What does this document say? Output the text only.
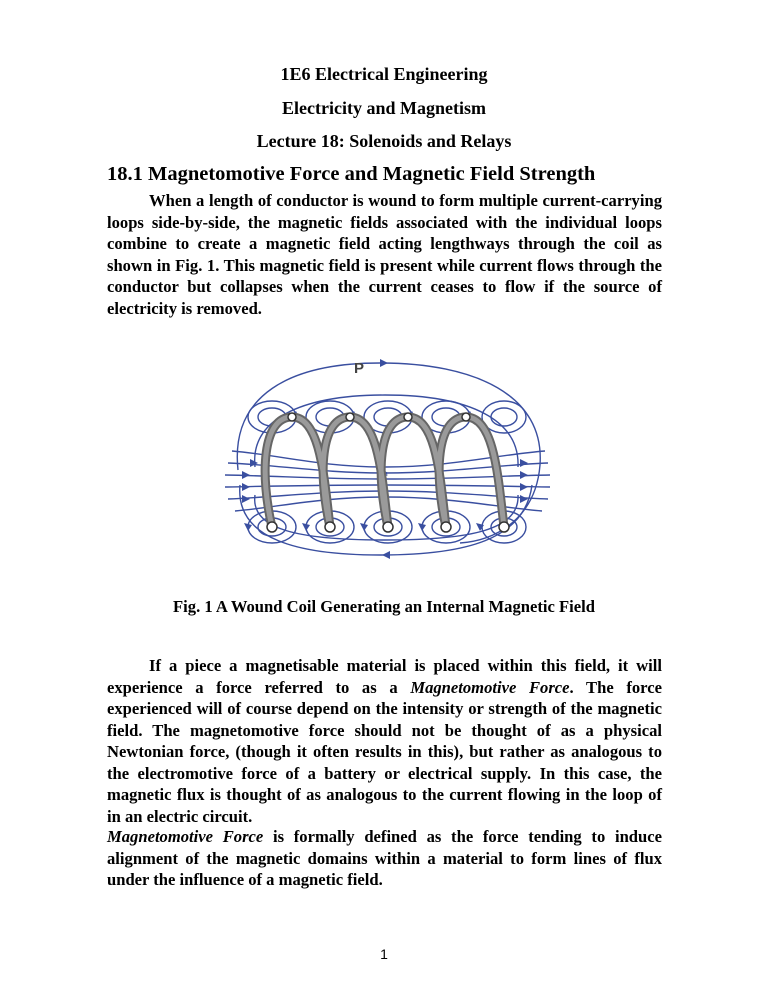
1E6 Electrical Engineering
Electricity and Magnetism
Lecture 18: Solenoids and Relays
18.1 Magnetomotive Force and Magnetic Field Strength

When a length of conductor is wound to form multiple current-carrying loops side-by-side, the magnetic fields associated with the individual loops combine to create a magnetic field acting lengthways through the coil as shown in Fig. 1. This magnetic field is present while current flows through the conductor but collapses when the current ceases to flow if the source of electricity is removed.

P
Fig. 1 A Wound Coil Generating an Internal Magnetic Field

If a piece a magnetisable material is placed within this field, it will experience a force referred to as a Magnetomotive Force. The force experienced will of course depend on the intensity or strength of the magnetic field. The magnetomotive force should not be thought of as a physical Newtonian force, (though it often results in this), but rather as analogous to the electromotive force of a battery or electrical supply. In this case, the magnetic flux is thought of as analogous to the current flowing in the loop of in an electric circuit.

Magnetomotive Force is formally defined as the force tending to induce alignment of the magnetic domains within a material to form lines of flux under the influence of a magnetic field.

1
